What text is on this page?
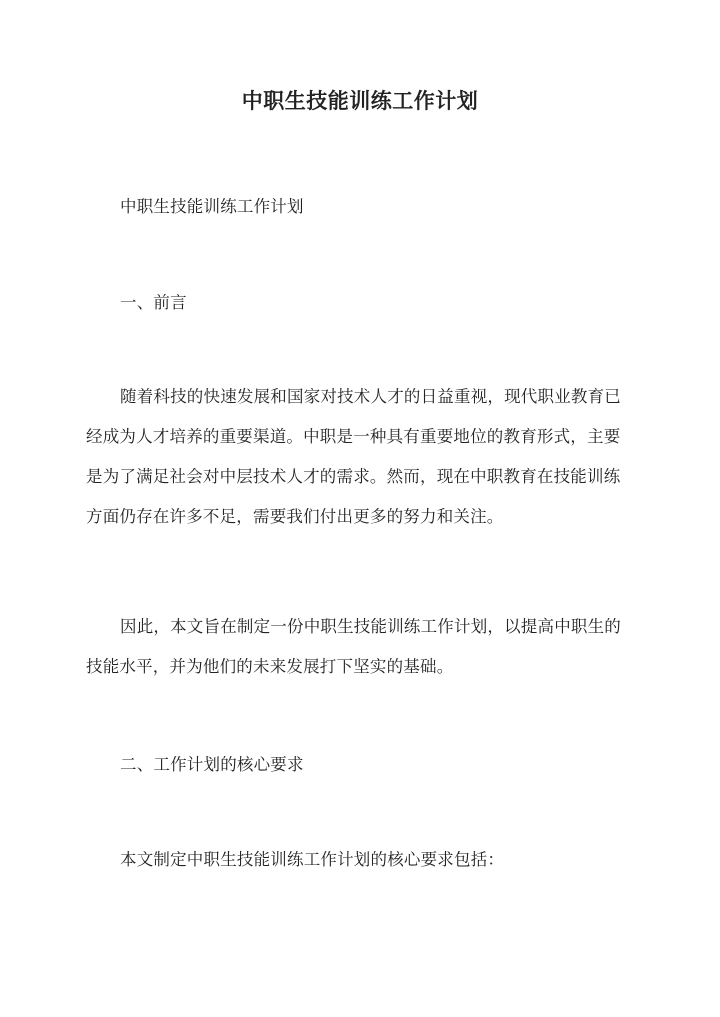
中职生技能训练工作计划

中职生技能训练工作计划

一、前言

随着科技的快速发展和国家对技术人才的日益重视，现代职业教育已经成为人才培养的重要渠道。中职是一种具有重要地位的教育形式，主要是为了满足社会对中层技术人才的需求。然而，现在中职教育在技能训练方面仍存在许多不足，需要我们付出更多的努力和关注。

因此，本文旨在制定一份中职生技能训练工作计划，以提高中职生的技能水平，并为他们的未来发展打下坚实的基础。

二、工作计划的核心要求

本文制定中职生技能训练工作计划的核心要求包括：
